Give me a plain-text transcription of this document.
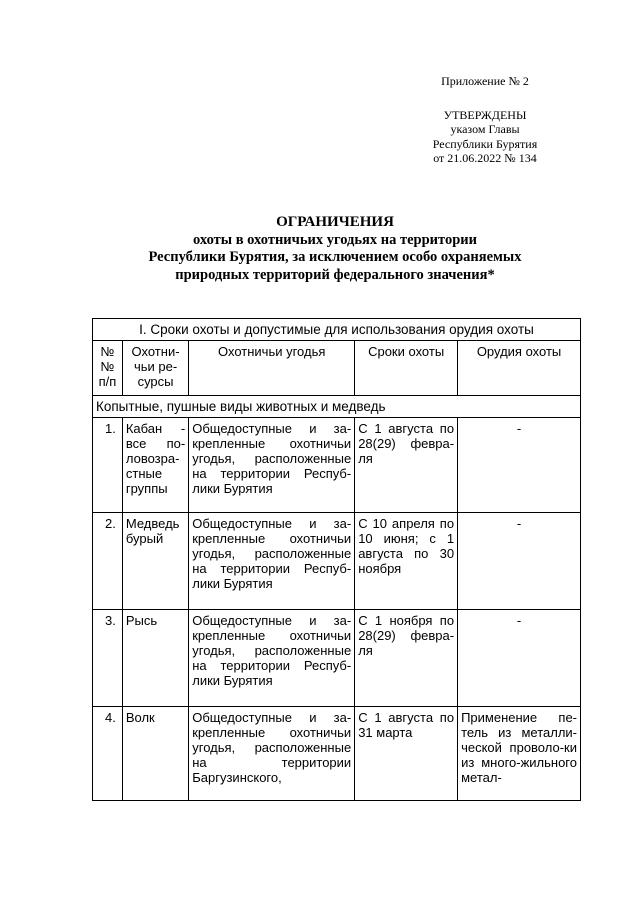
Приложение № 2
УТВЕРЖДЕНЫ
указом Главы
Республики Бурятия
от 21.06.2022 № 134
ОГРАНИЧЕНИЯ
охоты в охотничьих угодьях на территории
Республики Бурятия, за исключением особо охраняемых
природных территорий федерального значения*
I. Сроки охоты и допустимые для использования орудия охоты				
№№ п/п	Охотни-чьи ре-сурсы	Охотничьи угодья	Сроки охоты	Орудия охоты
Копытные, пушные виды животных и медведь				
1.	Кабан - все по-ловозра-стные группы	Общедоступные и за-крепленные охотничьи угодья, расположенные на территории Респуб-лики Бурятия	С 1 августа по 28(29) февра-ля	-
2.	Медведь бурый	Общедоступные и за-крепленные охотничьи угодья, расположенные на территории Респуб-лики Бурятия	С 10 апреля по 10 июня; с 1 августа по 30 ноября	-
3.	Рысь	Общедоступные и за-крепленные охотничьи угодья, расположенные на территории Респуб-лики Бурятия	С 1 ноября по 28(29) февра-ля	-
4.	Волк	Общедоступные и за-крепленные охотничьи угодья, расположенные на территории Баргузинского,	С 1 августа по 31 марта	Применение пе-тель из металли-ческой проволо-ки из много-жильного метал-
